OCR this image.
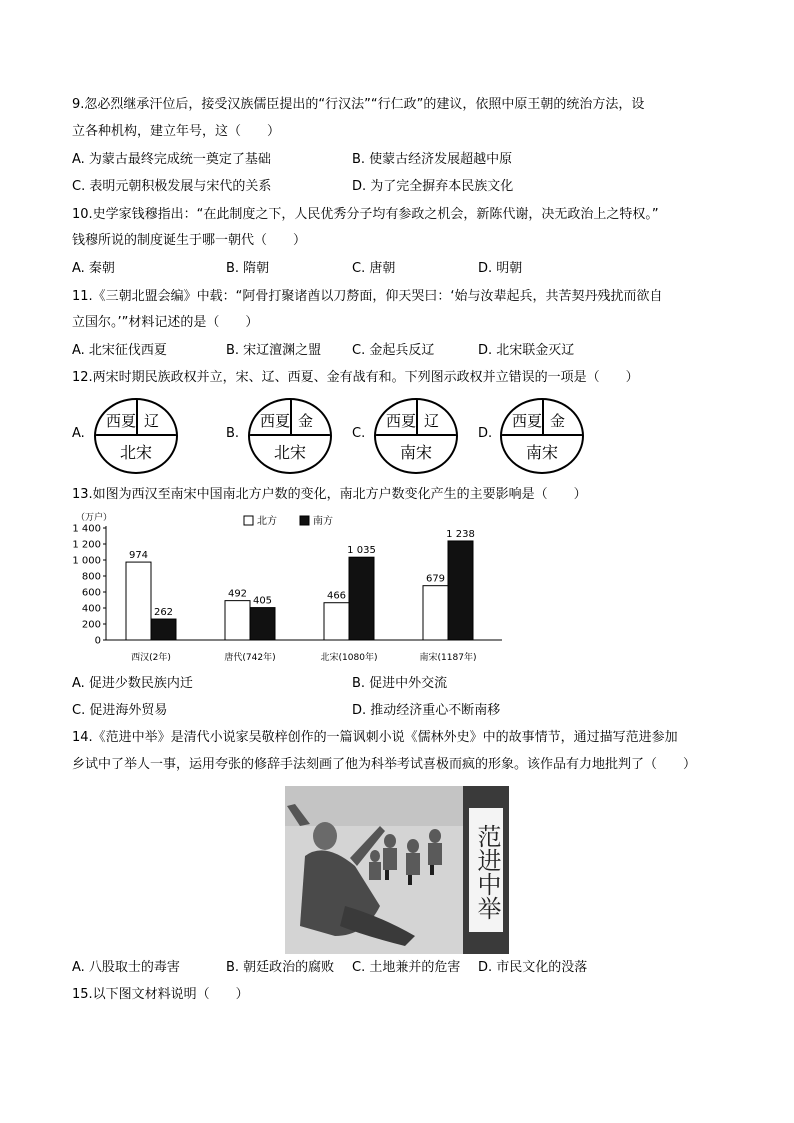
9.忽必烈继承汗位后，接受汉族儒臣提出的“行汉法”“行仁政”的建议，依照中原王朝的统治方法，设
立各种机构，建立年号，这（　　）
A. 为蒙古最终完成统一奠定了基础	B. 使蒙古经济发展超越中原
C. 表明元朝积极发展与宋代的关系	D. 为了完全摒弃本民族文化
10.史学家钱穆指出：“在此制度之下，人民优秀分子均有参政之机会，新陈代谢，决无政治上之特权。”
钱穆所说的制度诞生于哪一朝代（　　）
A. 秦朝	B. 隋朝	C. 唐朝	D. 明朝
11.《三朝北盟会编》中载：“阿骨打聚诸酋以刀剺面，仰天哭曰：‘始与汝辈起兵，共苦契丹残扰而欲自
立国尔。’”材料记述的是（　　）
A. 北宋征伐西夏	B. 宋辽澶渊之盟 C. 金起兵反辽	D. 北宋联金灭辽
12.两宋时期民族政权并立，宋、辽、西夏、金有战有和。下列图示政权并立错误的一项是（　　）
A.
西夏 辽
北宋
B.
西夏 金
北宋
C.
西夏 辽
南宋
D.
西夏 金
南宋
13.如图为西汉至南宋中国南北方户数的变化，南北方户数变化产生的主要影响是（　　）
（万户）	北方	南方
0
200
400
600
800
1 000
1 200
1 400
974
262
492
405	466
1 035
679
1 238
西汉(2年)	唐代(742年)	北宋(1080年)	南宋(1187年)
A. 促进少数民族内迁	B. 促进中外交流
C. 促进海外贸易	D. 推动经济重心不断南移
14.《范进中举》是清代小说家吴敬梓创作的一篇讽刺小说《儒林外史》中的故事情节，通过描写范进参加
乡试中了举人一事，运用夸张的修辞手法刻画了他为科举考试喜极而疯的形象。该作品有力地批判了（　　）
范进中举
A. 八股取士的毒害	B. 朝廷政治的腐败 C. 土地兼并的危害 D. 市民文化的没落
15.以下图文材料说明（　　）
